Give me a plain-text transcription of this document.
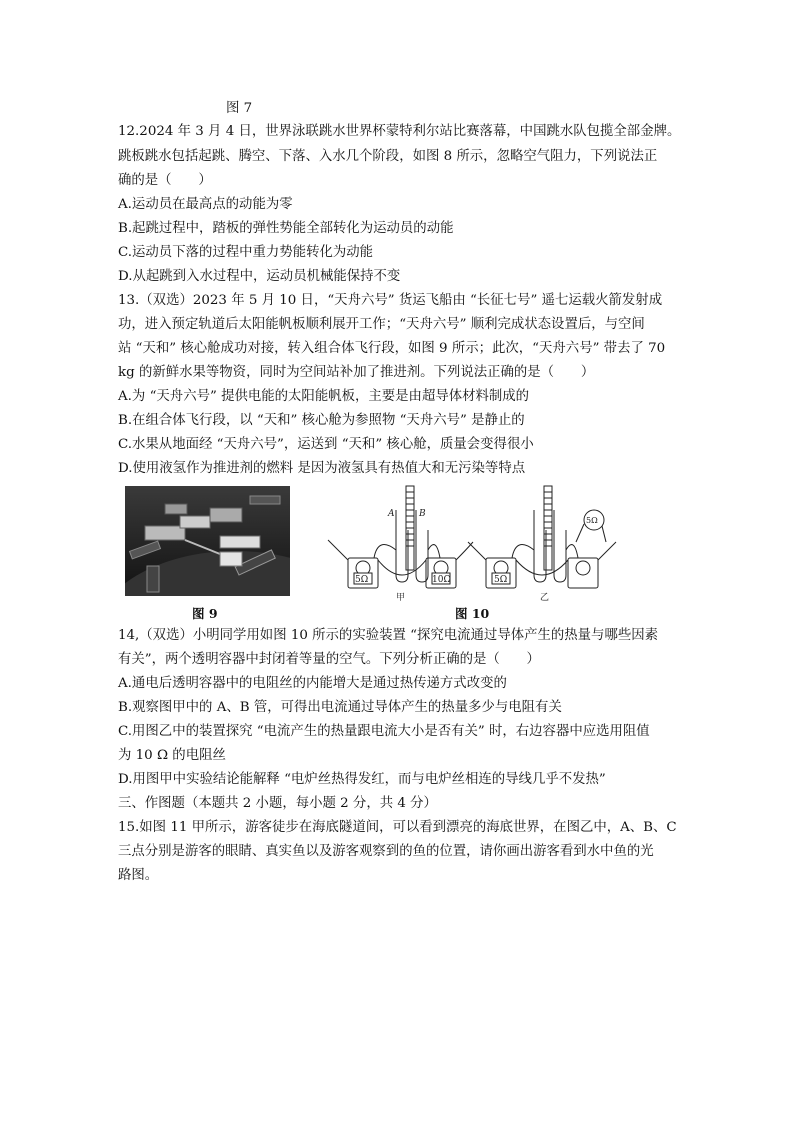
图 7
12.2024 年 3 月 4 日，世界泳联跳水世界杯蒙特利尔站比赛落幕，中国跳水队包揽全部金牌。
跳板跳水包括起跳、腾空、下落、入水几个阶段，如图 8 所示，忽略空气阻力，下列说法正
确的是（　　）
A.运动员在最高点的动能为零
B.起跳过程中，踏板的弹性势能全部转化为运动员的动能
C.运动员下落的过程中重力势能转化为动能
D.从起跳到入水过程中，运动员机械能保持不变
13.（双选）2023 年 5 月 10 日，“天舟六号” 货运飞船由 “长征七号” 遥七运载火箭发射成
功，进入预定轨道后太阳能帆板顺利展开工作；“天舟六号” 顺利完成状态设置后，与空间
站 “天和” 核心舱成功对接，转入组合体飞行段，如图 9 所示；此次，“天舟六号” 带去了 70
kg 的新鲜水果等物资，同时为空间站补加了推进剂。下列说法正确的是（　　）
A.为 “天舟六号” 提供电能的太阳能帆板，主要是由超导体材料制成的
B.在组合体飞行段，以 “天和” 核心舱为参照物 “天舟六号” 是静止的
C.水果从地面经 “天舟六号”，运送到 “天和” 核心舱，质量会变得很小
D.使用液氢作为推进剂的燃料 是因为液氢具有热值大和无污染等特点
A	B
5Ω	10Ω
甲
5Ω
5Ω
乙
图 9	图 10
14,（双选）小明同学用如图 10 所示的实验装置 “探究电流通过导体产生的热量与哪些因素
有关”，两个透明容器中封闭着等量的空气。下列分析正确的是（　　）
A.通电后透明容器中的电阻丝的内能增大是通过热传递方式改变的
B.观察图甲中的 A、B 管，可得出电流通过导体产生的热量多少与电阻有关
C.用图乙中的装置探究 “电流产生的热量跟电流大小是否有关” 时，右边容器中应选用阻值
为 10 Ω 的电阻丝
D.用图甲中实验结论能解释 “电炉丝热得发红，而与电炉丝相连的导线几乎不发热”
三、作图题（本题共 2 小题，每小题 2 分，共 4 分）
15.如图 11 甲所示，游客徒步在海底隧道间，可以看到漂亮的海底世界，在图乙中，A、B、C
三点分别是游客的眼睛、真实鱼以及游客观察到的鱼的位置，请你画出游客看到水中鱼的光
路图。
